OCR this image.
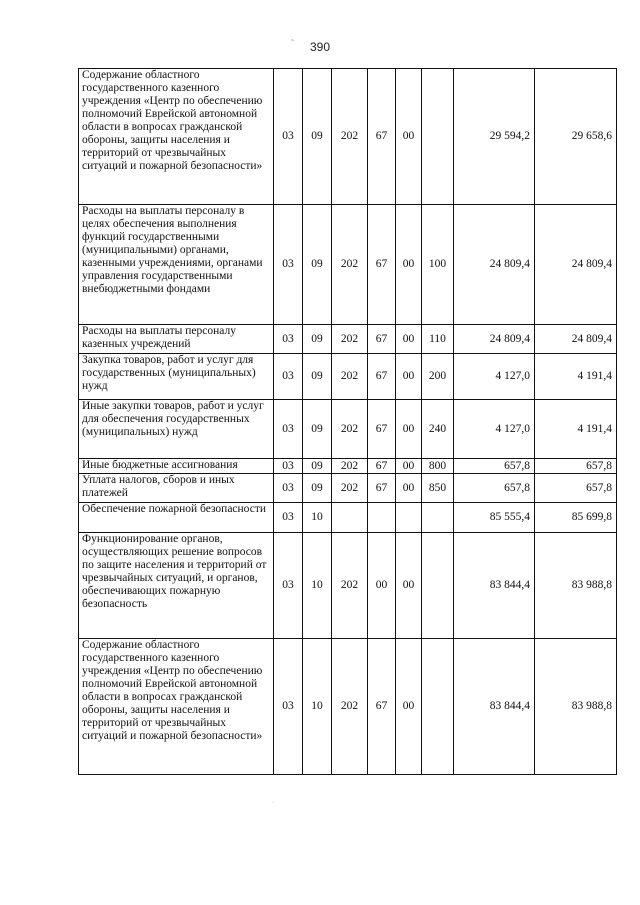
390
˜
Содержание областного государственного казенного учреждения «Центр по обеспечению полномочий Еврейской автономной области в вопросах гражданской обороны, защиты населения и территорий от чрезвычайных ситуаций и пожарной безопасности»	03	09	202	67	00		29 594,2	29 658,6
Расходы на выплаты персоналу в целях обеспечения выполнения функций государственными (муниципальными) органами, казенными учреждениями, органами управления государственными внебюджетными фондами	03	09	202	67	00	100	24 809,4	24 809,4
Расходы на выплаты персоналу казенных учреждений	03	09	202	67	00	110	24 809,4	24 809,4
Закупка товаров, работ и услуг для государственных (муниципальных) нужд	03	09	202	67	00	200	4 127,0	4 191,4
Иные закупки товаров, работ и услуг для обеспечения государственных (муниципальных) нужд	03	09	202	67	00	240	4 127,0	4 191,4
Иные бюджетные ассигнования	03	09	202	67	00	800	657,8	657,8
Уплата налогов, сборов и иных платежей	03	09	202	67	00	850	657,8	657,8
Обеспечение пожарной безопасности	03	10					85 555,4	85 699,8
Функционирование органов, осуществляющих решение вопросов по защите населения и территорий от чрезвычайных ситуаций, и органов, обеспечивающих пожарную безопасность	03	10	202	00	00		83 844,4	83 988,8
Содержание областного государственного казенного учреждения «Центр по обеспечению полномочий Еврейской автономной области в вопросах гражданской обороны, защиты населения и территорий от чрезвычайных ситуаций и пожарной безопасности»	03	10	202	67	00		83 844,4	83 988,8
·
